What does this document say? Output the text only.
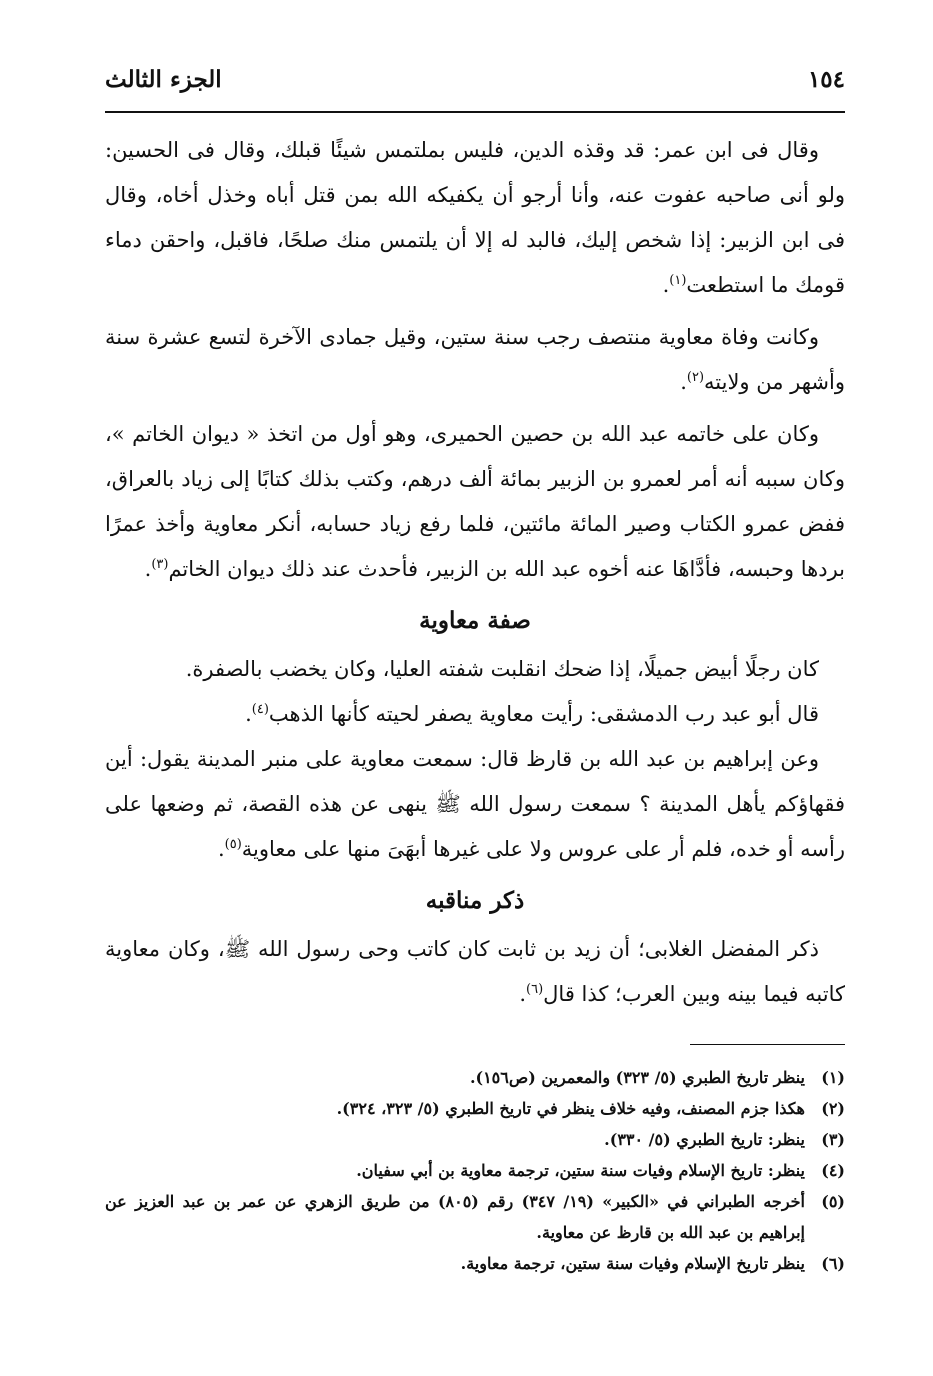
١٥٤
الجزء الثالث

وقال فى ابن عمر: قد وقذه الدين، فليس بملتمس شيئًا قبلك، وقال فى الحسين: ولو أنى صاحبه عفوت عنه، وأنا أرجو أن يكفيكه الله بمن قتل أباه وخذل أخاه، وقال فى ابن الزبير: إذا شخص إليك، فالبد له إلا أن يلتمس منك صلحًا، فاقبل، واحقن دماء قومك ما استطعت$^{(١)}$.

وكانت وفاة معاوية منتصف رجب سنة ستين، وقيل جمادى الآخرة لتسع عشرة سنة وأشهر من ولايته$^{(٢)}$.

وكان على خاتمه عبد الله بن حصين الحميرى، وهو أول من اتخذ « ديوان الخاتم »، وكان سببه أنه أمر لعمرو بن الزبير بمائة ألف درهم، وكتب بذلك كتابًا إلى زياد بالعراق، ففض عمرو الكتاب وصير المائة مائتين، فلما رفع زياد حسابه، أنكر معاوية وأخذ عمرًا بردها وحبسه، فأدَّاهَا عنه أخوه عبد الله بن الزبير، فأحدث عند ذلك ديوان الخاتم$^{(٣)}$.

صفة معاوية

كان رجلًا أبيض جميلًا، إذا ضحك انقلبت شفته العليا، وكان يخضب بالصفرة.

قال أبو عبد رب الدمشقى: رأيت معاوية يصفر لحيته كأنها الذهب$^{(٤)}$.

وعن إبراهيم بن عبد الله بن قارظ قال: سمعت معاوية على منبر المدينة يقول: أين فقهاؤكم يأهل المدينة ؟ سمعت رسول الله ﷺ ينهى عن هذه القصة، ثم وضعها على رأسه أو خده، فلم أر على عروس ولا على غيرها أبهَىَ منها على معاوية$^{(٥)}$.

ذكر مناقبه

ذكر المفضل الغلابى؛ أن زيد بن ثابت كان كاتب وحى رسول الله ﷺ، وكان معاوية كاتبه فيما بينه وبين العرب؛ كذا قال$^{(٦)}$.

(١)
ينظر تاريخ الطبري (٥/ ٣٢٣) والمعمرين (ص١٥٦).
(٢)
هكذا جزم المصنف، وفيه خلاف ينظر في تاريخ الطبري (٥/ ٣٢٣، ٣٢٤).
(٣)
ينظر: تاريخ الطبري (٥/ ٣٣٠).
(٤)
ينظر: تاريخ الإسلام وفيات سنة ستين، ترجمة معاوية بن أبي سفيان.
(٥)
أخرجه الطبراني في «الكبير» (١٩/ ٣٤٧) رقم (٨٠٥) من طريق الزهري عن عمر بن عبد العزيز عن إبراهيم بن عبد الله بن قارظ عن معاوية.
(٦)
ينظر تاريخ الإسلام وفيات سنة ستين، ترجمة معاوية.
